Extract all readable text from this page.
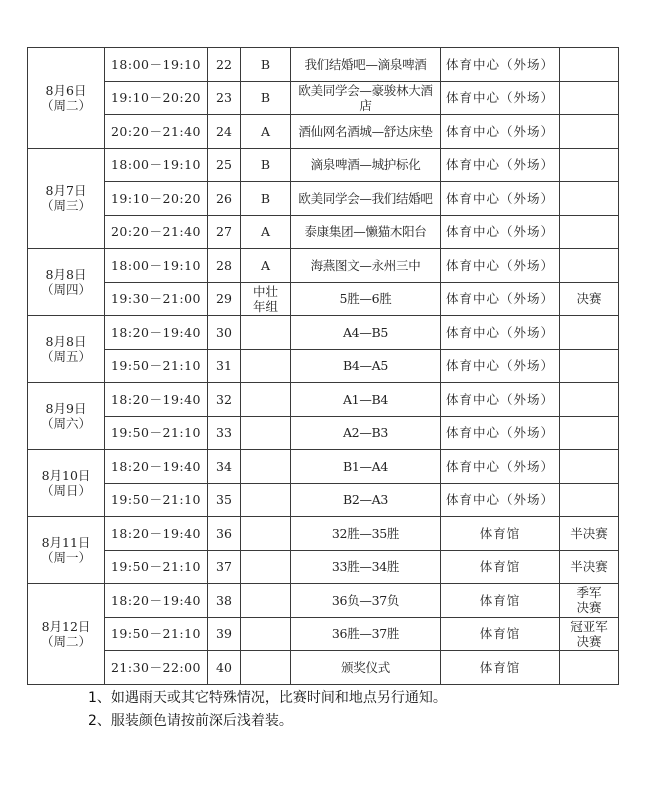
8月6日
（周二）	18:00－19:10	22	B	我们结婚吧—滴泉啤酒	体育中心（外场）	
	19:10－20:20	23	B	欧美同学会—豪骏林大酒店	体育中心（外场）	
	20:20－21:40	24	A	酒仙网名酒城—舒达床垫	体育中心（外场）	

8月7日
（周三）	18:00－19:10	25	B	滴泉啤酒—城护标化	体育中心（外场）	
	19:10－20:20	26	B	欧美同学会—我们结婚吧	体育中心（外场）	
	20:20－21:40	27	A	泰康集团—懒猫木阳台	体育中心（外场）	

8月8日
（周四）	18:00－19:10	28	A	海燕图文—永州三中	体育中心（外场）	
	19:30－21:00	29	中壮年组	5胜—6胜	体育中心（外场）	决赛

8月8日
（周五）	18:20－19:40	30		A4—B5	体育中心（外场）	
	19:50－21:10	31		B4—A5	体育中心（外场）	

8月9日
（周六）	18:20－19:40	32		A1—B4	体育中心（外场）	
	19:50－21:10	33		A2—B3	体育中心（外场）	

8月10日
（周日）	18:20－19:40	34		B1—A4	体育中心（外场）	
	19:50－21:10	35		B2—A3	体育中心（外场）	

8月11日
（周一）	18:20－19:40	36		32胜—35胜	体育馆	半决赛
	19:50－21:10	37		33胜—34胜	体育馆	半决赛

8月12日
（周二）	18:20－19:40	38		36负—37负	体育馆	季军决赛
	19:50－21:10	39		36胜—37胜	体育馆	冠亚军决赛
	21:30－22:00	40		颁奖仪式	体育馆	
1、如遇雨天或其它特殊情况，比赛时间和地点另行通知。
2、服装颜色请按前深后浅着装。
